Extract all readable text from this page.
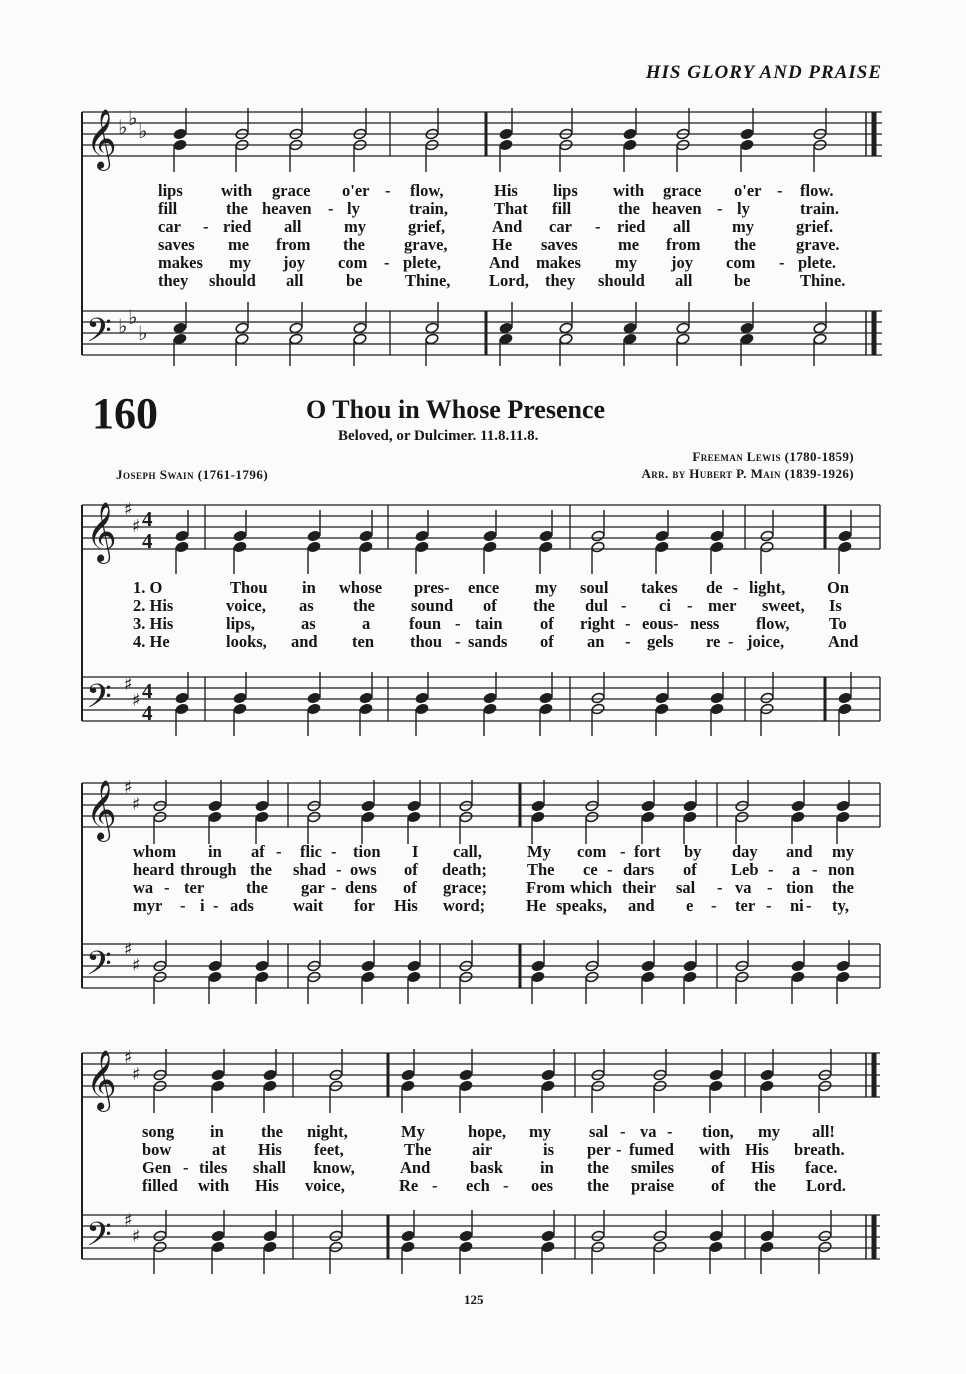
HIS GLORY AND PRAISE
𝄞
𝄢
𝄞
𝄢
𝄞
𝄢
𝄞
𝄢
♭ ♭
♭
♭ ♭
♭
♯
♯
♯
♯
♯
♯
♯
♯
♯
♯
♯
♯
4
4
4
4
lips with grace o'er - flow,	His lips with grace o'er - flow.
fill	the heaven - ly	train,	That fill	the heaven - ly	train.
car - ried all	my	grief,	And car - ried all	my	grief.
saves me from the grave,	He saves me from the grave.
makes my joy com - plete,	And makes my joy com - plete.
they should all	be	Thine, Lord, they should all	be	Thine.
160	O Thou in Whose Presence
Beloved, or Dulcimer. 11.8.11.8.
Freeman Lewis (1780-1859)
Arr. by Hubert P. Main (1839-1926)
Joseph Swain (1761-1796)
1. O	Thou in whose pres- ence my soul takes de - light,	On
2. His	voice, as the sound of the dul - ci - mer sweet, Is
3. His	lips,	as	a foun - tain of right - eous- ness flow, To
4. He	looks, and ten thou - sands of an - gels re - joice,	And
whom in af - flic - tion I call,	My com - fort by day and my
heard through the shad - ows of death; The ce - dars of Leb - a - non
wa - ter	the gar - dens of grace; From which their sal - va - tion the
myr - i - ads wait for His word; He speaks, and e - ter - ni - ty,
song in the night,	My	hope, my sal - va - tion, my all!
bow at His feet,	The air	is per - fumed with His breath.
Gen - tiles shall know,	And bask in the smiles of His face.
filled with His voice,	Re - ech - oes the praise of the Lord.
125
